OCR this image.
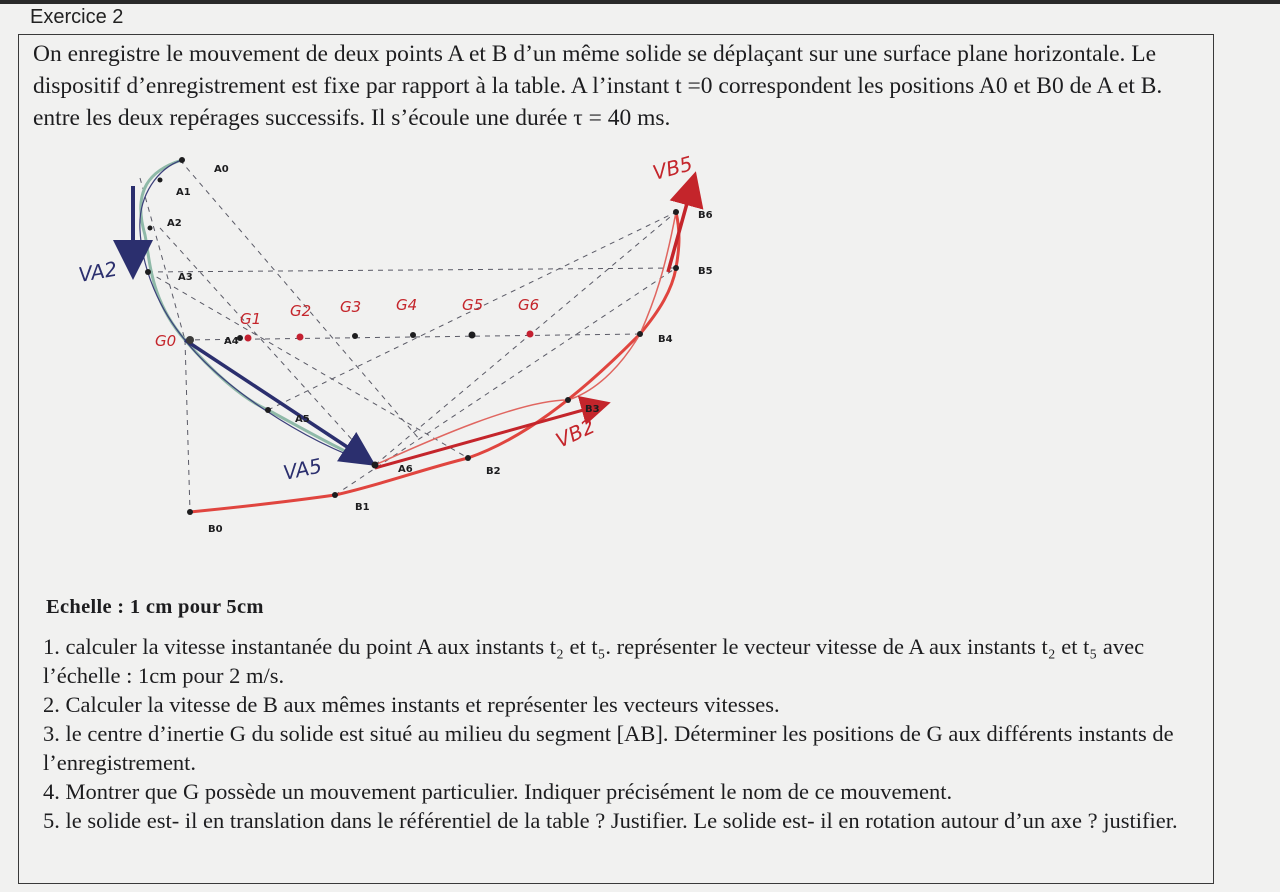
Exercice 2

On enregistre le mouvement de deux points A et B d’un même solide se déplaçant sur une surface plane horizontale. Le dispositif d’enregistrement est fixe par rapport à la table. A l’instant t =0 correspondent les positions A0 et B0 de A et B. entre les deux repérages successifs. Il s’écoule une durée τ = 40 ms.

A0
A1
A2
A3
A4
A5
A6
B0
B1
B2
B3
B4
B5
B6
G0
G1 G2 G3 G4	G5 G6
VA2
VA5
VB2
VB5
Echelle : 1 cm pour 5cm
1. calculer la vitesse instantanée du point A aux instants t₂ et t₅. représenter le vecteur vitesse de A aux instants t₂ et t₅ avec l’échelle : 1cm pour 2 m/s.
2. Calculer la vitesse de B aux mêmes instants et représenter les vecteurs vitesses.
3. le centre d’inertie G du solide est situé au milieu du segment [AB]. Déterminer les positions de G aux différents instants de l’enregistrement.
4. Montrer que G possède un mouvement particulier. Indiquer précisément le nom de ce mouvement.
5. le solide est- il en translation dans le référentiel de la table ? Justifier. Le solide est- il en rotation autour d’un axe ? justifier.
